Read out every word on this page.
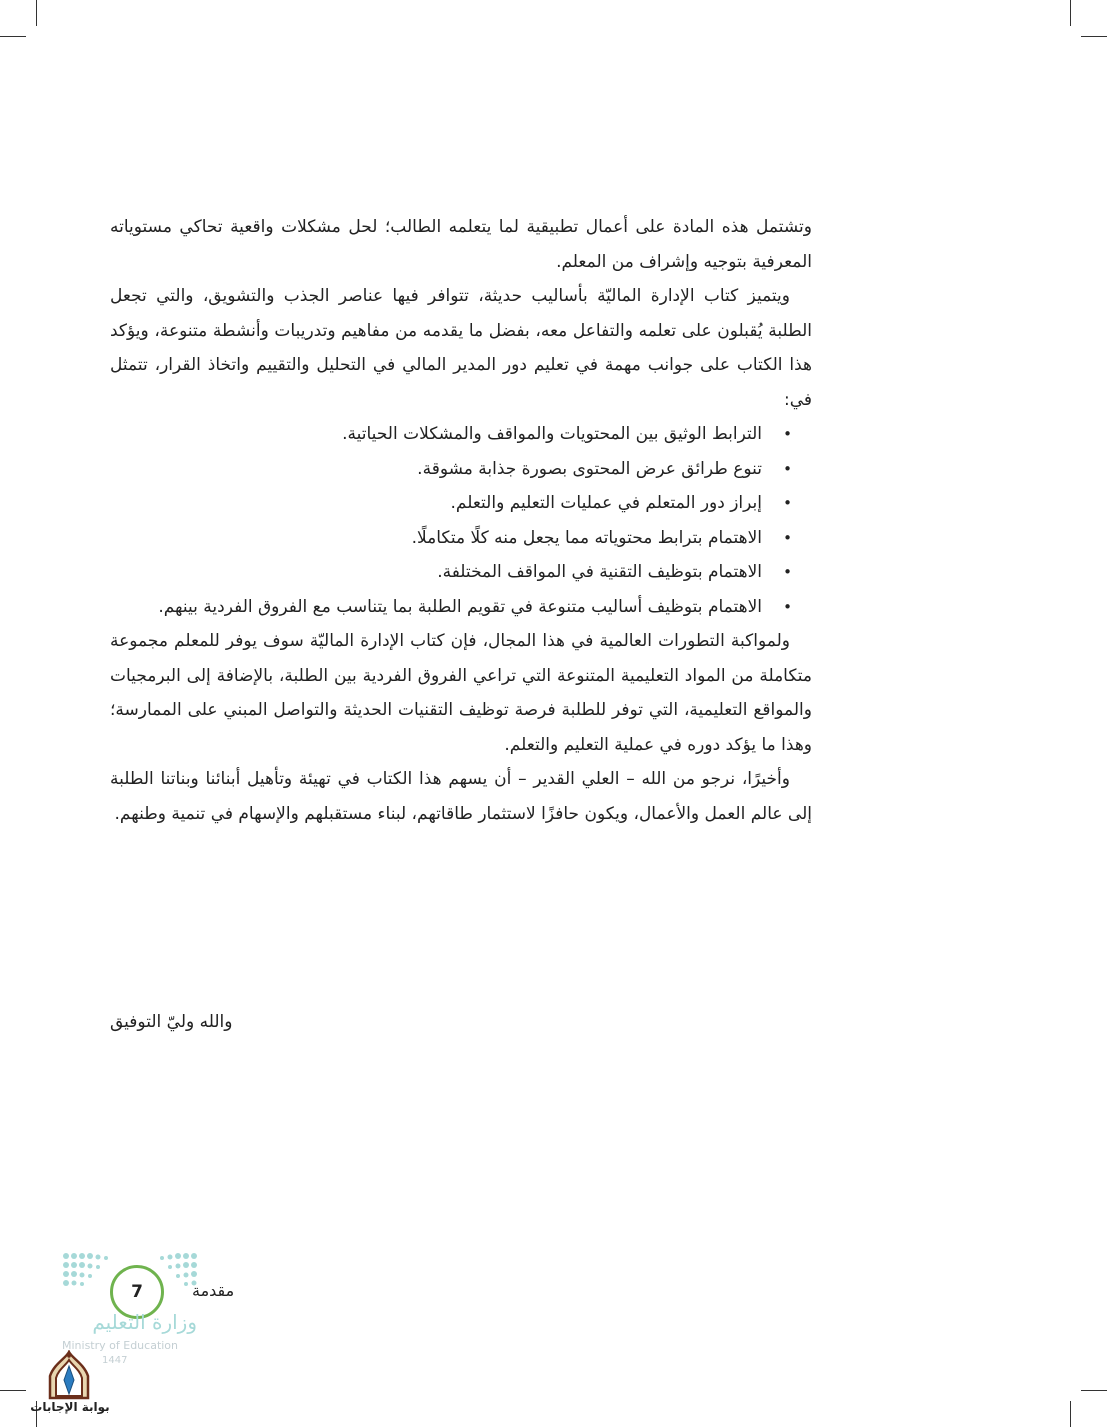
وتشتمل هذه المادة على أعمال تطبيقية لما يتعلمه الطالب؛ لحل مشكلات واقعية تحاكي مستوياته المعرفية بتوجيه وإشراف من المعلم.

ويتميز كتاب الإدارة الماليّة بأساليب حديثة، تتوافر فيها عناصر الجذب والتشويق، والتي تجعل الطلبة يُقبلون على تعلمه والتفاعل معه، بفضل ما يقدمه من مفاهيم وتدريبات وأنشطة متنوعة، ويؤكد هذا الكتاب على جوانب مهمة في تعليم دور المدير المالي في التحليل والتقييم واتخاذ القرار، تتمثل في:

•
الترابط الوثيق بين المحتويات والمواقف والمشكلات الحياتية.
•
تنوع طرائق عرض المحتوى بصورة جذابة مشوقة.
•
إبراز دور المتعلم في عمليات التعليم والتعلم.
•
الاهتمام بترابط محتوياته مما يجعل منه كلًا متكاملًا.
•
الاهتمام بتوظيف التقنية في المواقف المختلفة.
•
الاهتمام بتوظيف أساليب متنوعة في تقويم الطلبة بما يتناسب مع الفروق الفردية بينهم.

ولمواكبة التطورات العالمية في هذا المجال، فإن كتاب الإدارة الماليّة سوف يوفر للمعلم مجموعة متكاملة من المواد التعليمية المتنوعة التي تراعي الفروق الفردية بين الطلبة، بالإضافة إلى البرمجيات والمواقع التعليمية، التي توفر للطلبة فرصة توظيف التقنيات الحديثة والتواصل المبني على الممارسة؛ وهذا ما يؤكد دوره في عملية التعليم والتعلم.

وأخيرًا، نرجو من الله – العلي القدير – أن يسهم هذا الكتاب في تهيئة وتأهيل أبنائنا وبناتنا الطلبة إلى عالم العمل والأعمال، ويكون حافزًا لاستثمار طاقاتهم، لبناء مستقبلهم والإسهام في تنمية وطنهم.

والله وليّ التوفيق
7	مقدمة
وزارة التعليم
Ministry of Education
1447
بوابة الإجابات
